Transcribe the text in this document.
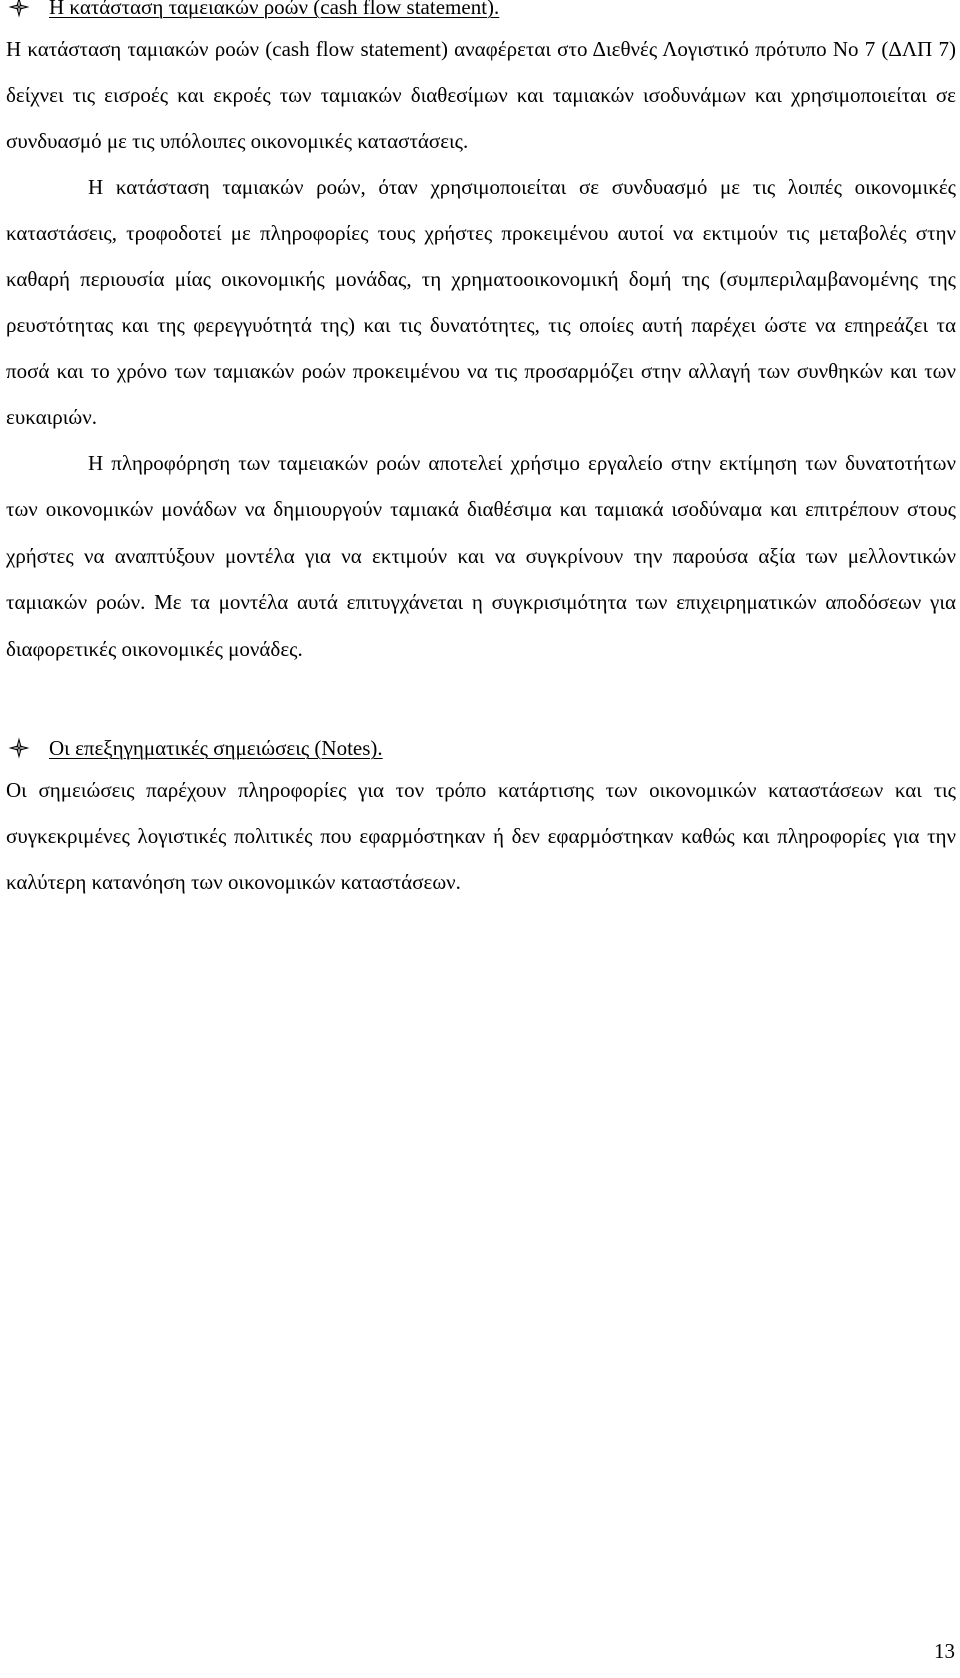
Η κατάσταση ταμειακών ροών (cash flow statement).

Η κατάσταση ταμιακών ροών (cash flow statement) αναφέρεται στο Διεθνές Λογιστικό πρότυπο Νο 7 (ΔΛΠ 7) δείχνει τις εισροές και εκροές των ταμιακών διαθεσίμων και ταμιακών ισοδυνάμων και χρησιμοποιείται σε συνδυασμό με τις υπόλοιπες οικονομικές καταστάσεις.

Η κατάσταση ταμιακών ροών, όταν χρησιμοποιείται σε συνδυασμό με τις λοιπές οικονομικές καταστάσεις, τροφοδοτεί με πληροφορίες τους χρήστες προκειμένου αυτοί να εκτιμούν τις μεταβολές στην καθαρή περιουσία μίας οικονομικής μονάδας, τη χρηματοοικονομική δομή της (συμπεριλαμβανομένης της ρευστότητας και της φερεγγυότητά της) και τις δυνατότητες, τις οποίες αυτή παρέχει ώστε να επηρεάζει τα ποσά και το χρόνο των ταμιακών ροών προκειμένου να τις προσαρμόζει στην αλλαγή των συνθηκών και των ευκαιριών.

Η πληροφόρηση των ταμειακών ροών αποτελεί χρήσιμο εργαλείο στην εκτίμηση των δυνατοτήτων των οικονομικών μονάδων να δημιουργούν ταμιακά διαθέσιμα και ταμιακά ισοδύναμα και επιτρέπουν στους χρήστες να αναπτύξουν μοντέλα για να εκτιμούν και να συγκρίνουν την παρούσα αξία των μελλοντικών ταμιακών ροών. Με τα μοντέλα αυτά επιτυγχάνεται η συγκρισιμότητα των επιχειρηματικών αποδόσεων για διαφορετικές οικονομικές μονάδες.

Οι επεξηγηματικές σημειώσεις (Notes).

Οι σημειώσεις παρέχουν πληροφορίες για τον τρόπο κατάρτισης των οικονομικών καταστάσεων και τις συγκεκριμένες λογιστικές πολιτικές που εφαρμόστηκαν ή δεν εφαρμόστηκαν καθώς και πληροφορίες για την καλύτερη κατανόηση των οικονομικών καταστάσεων.

13
